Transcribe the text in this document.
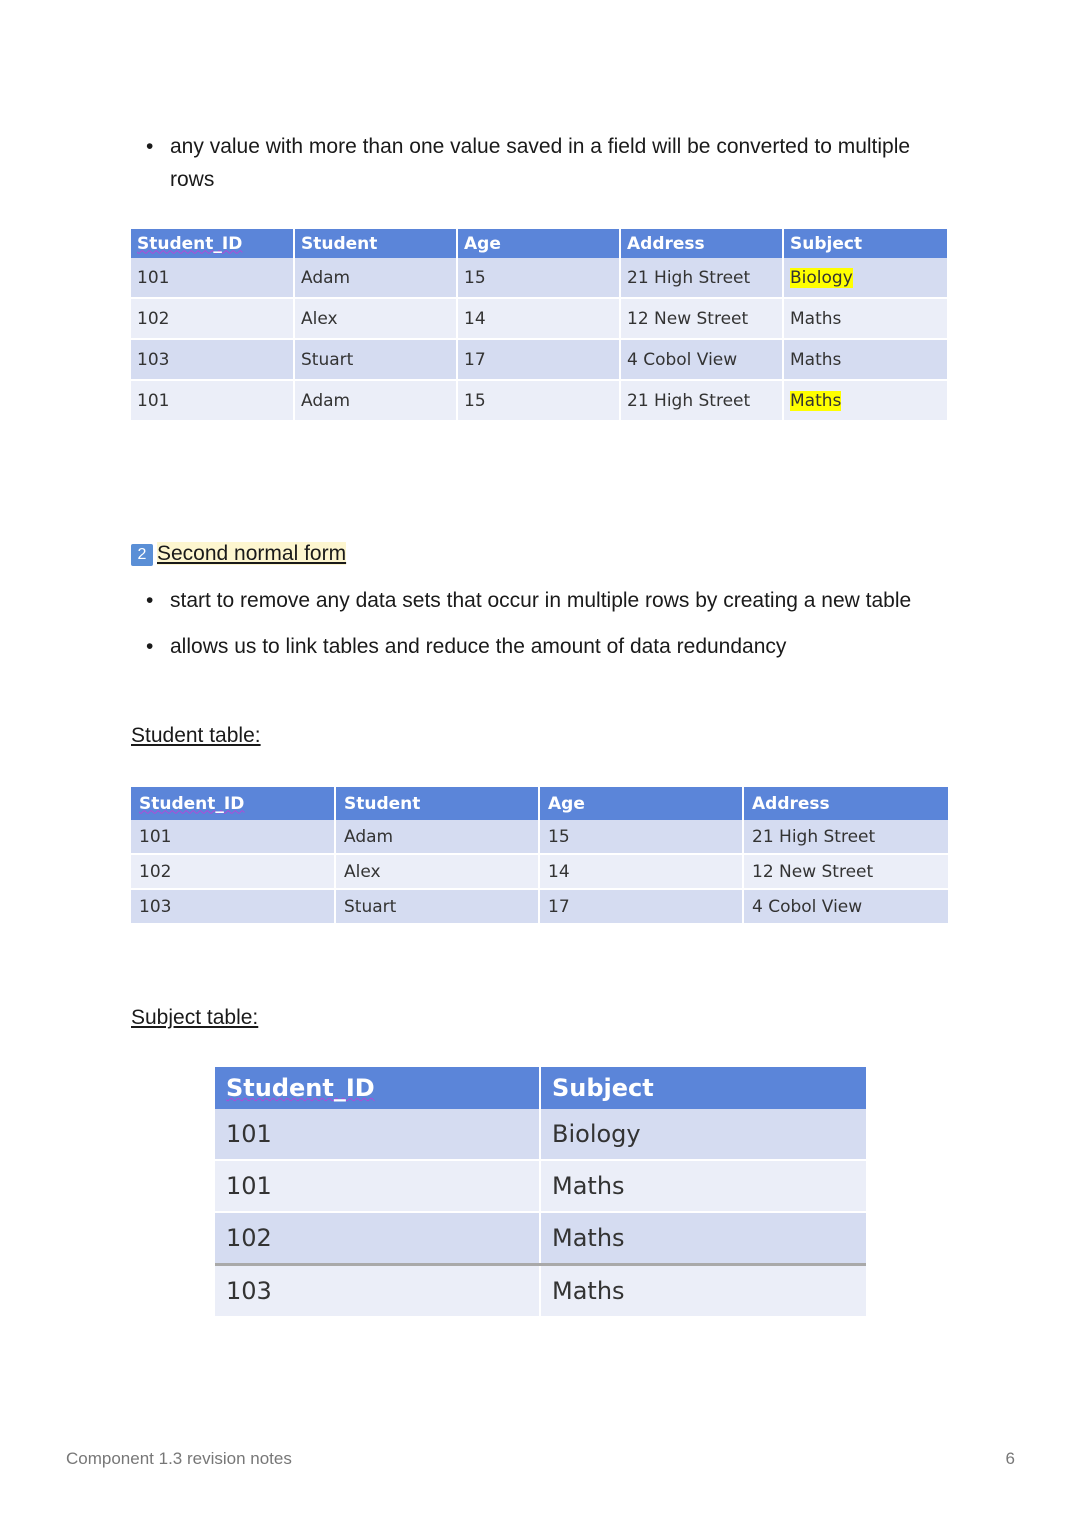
• any value with more than one value saved in a field will be converted to multiple rows
Student_ID	Student	Age	Address	Subject
101	Adam	15	21 High Street	Biology
102	Alex	14	12 New Street	Maths
103	Stuart	17	4 Cobol View	Maths
101	Adam	15	21 High Street	Maths
2 Second normal form
• start to remove any data sets that occur in multiple rows by creating a new table
• allows us to link tables and reduce the amount of data redundancy
Student table:
Student_ID	Student	Age	Address
101	Adam	15	21 High Street
102	Alex	14	12 New Street
103	Stuart	17	4 Cobol View
Subject table:
Student_ID	Subject
101	Biology
101	Maths
102	Maths
103	Maths
Component 1.3 revision notes	6
